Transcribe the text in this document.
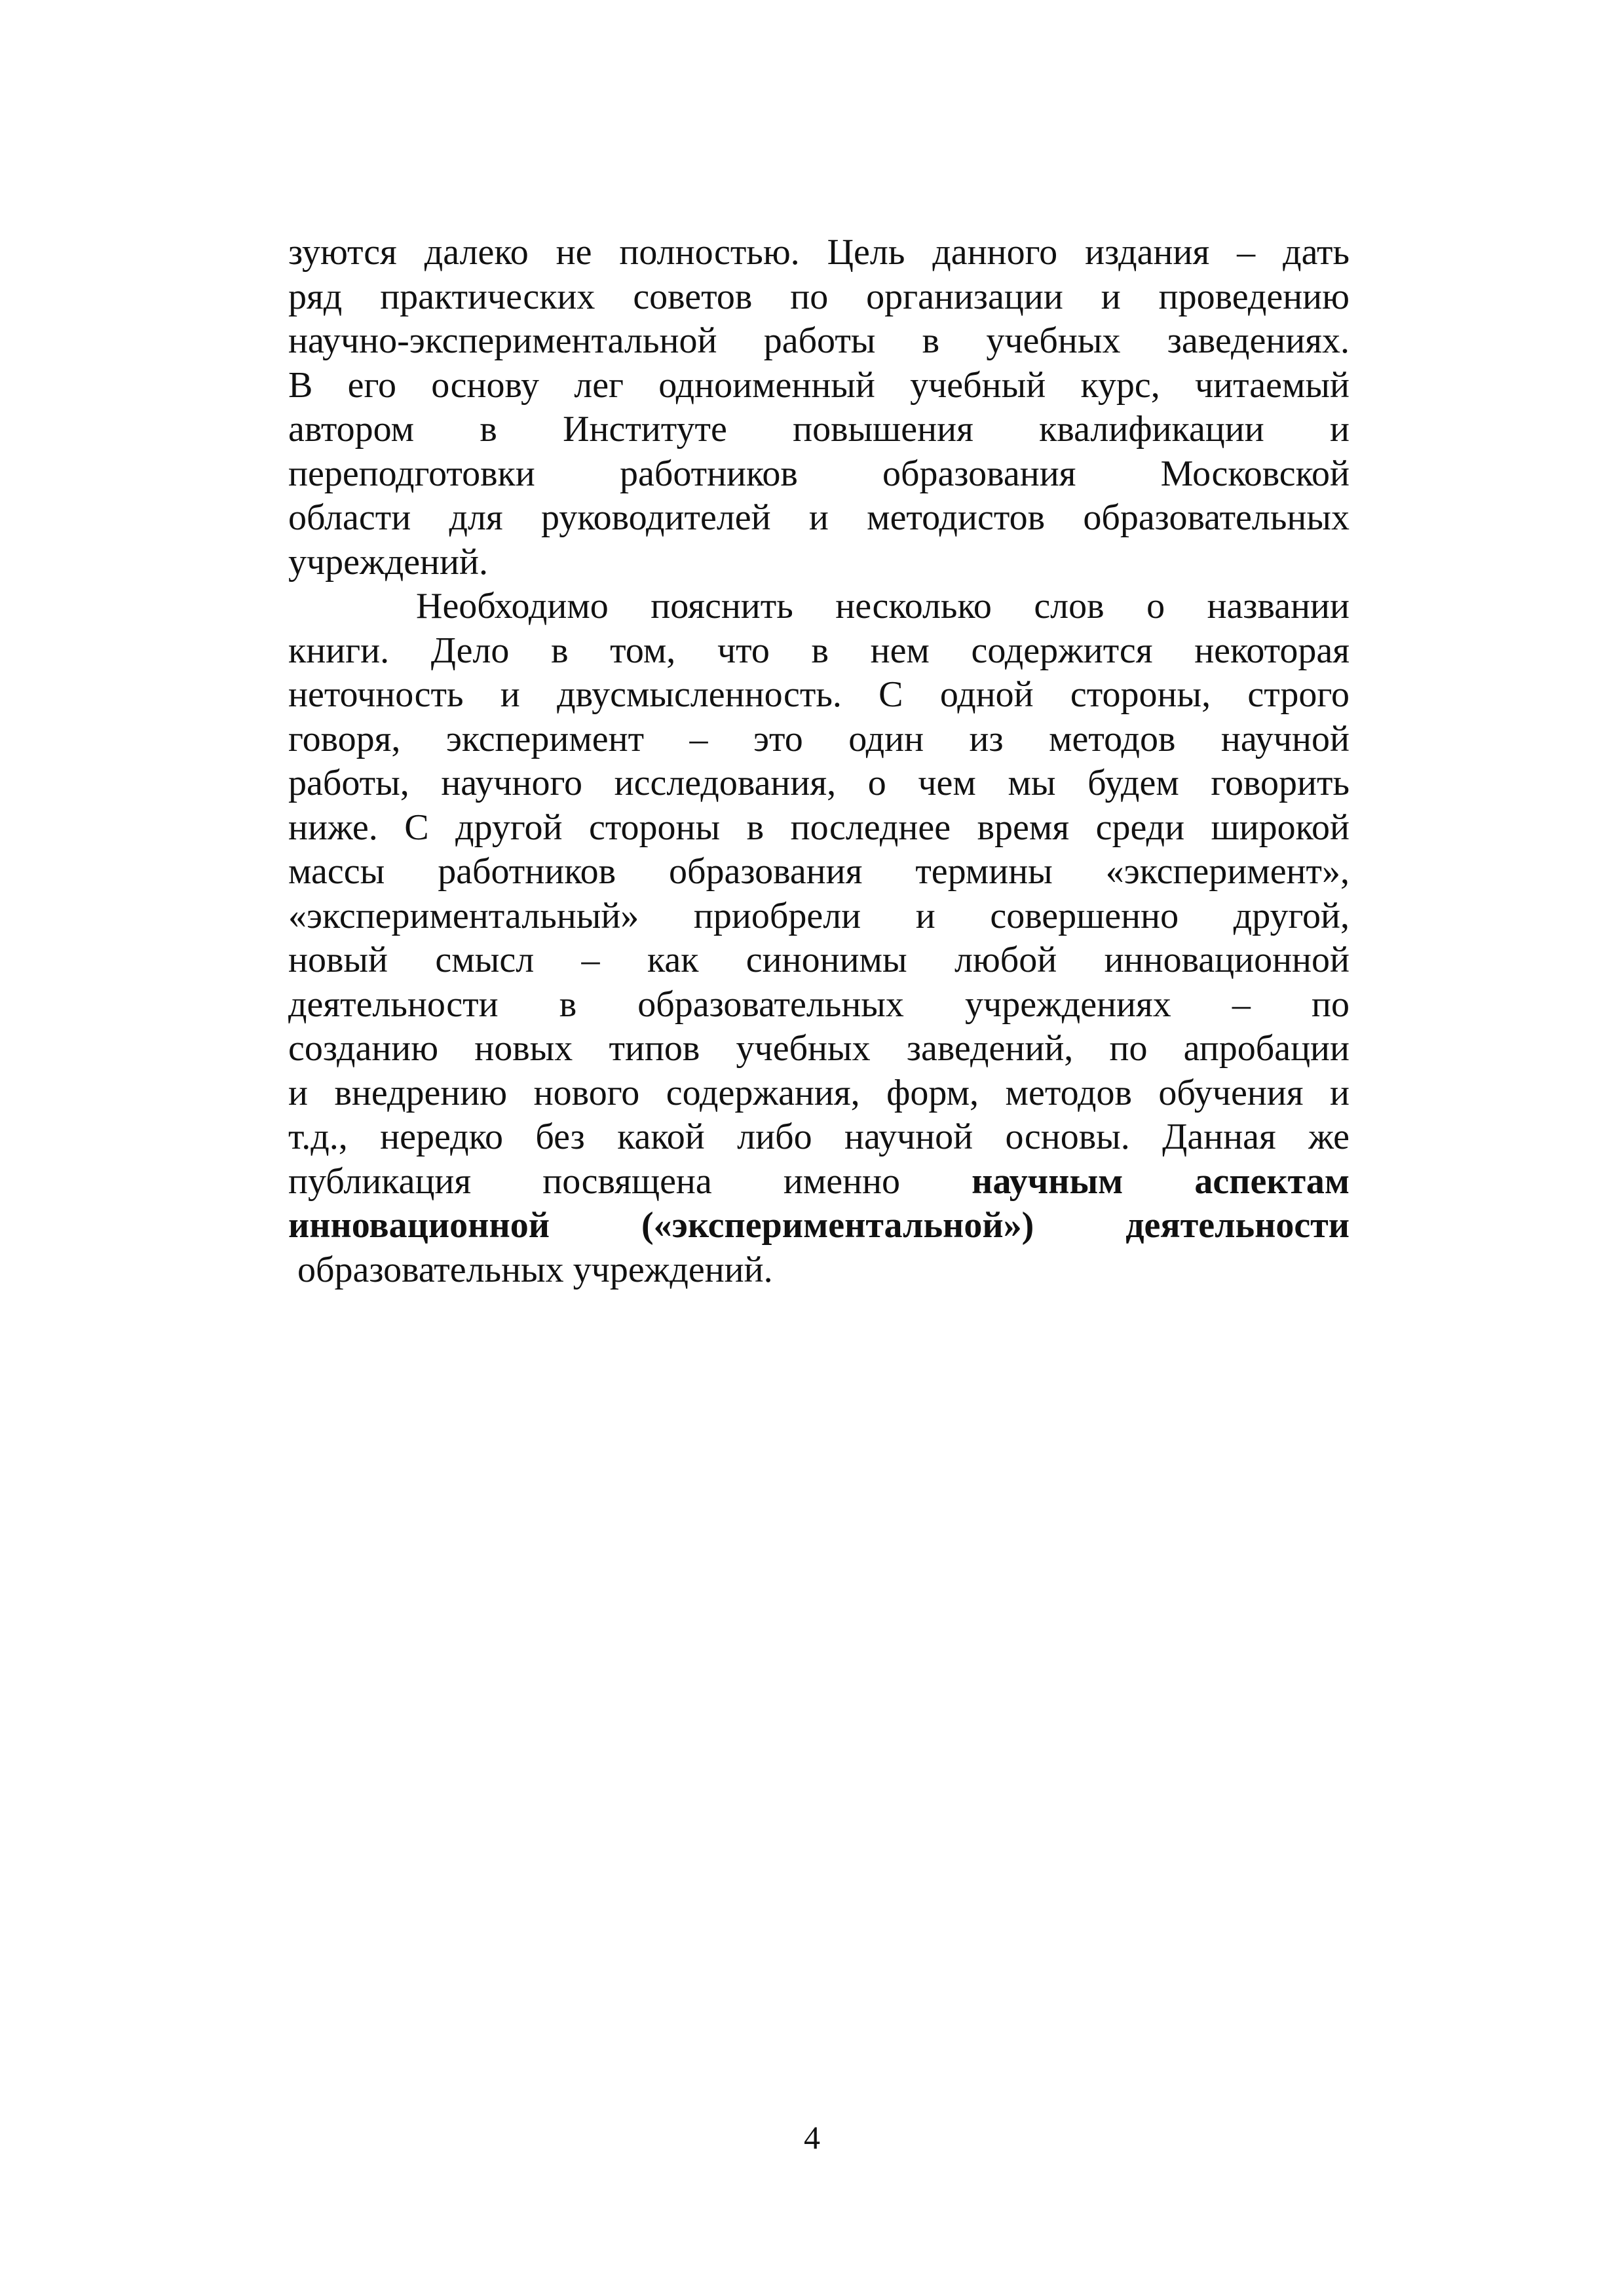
зуются далеко не полностью. Цель данного издания – дать
ряд практических советов по организации и проведению
научно-экспериментальной работы в учебных заведениях.
В его основу лег одноименный учебный курс, читаемый
автором в Институте повышения квалификации и
переподготовки работников образования Московской
области для руководителей и методистов образовательных
учреждений.
Необходимо пояснить несколько слов о названии
книги. Дело в том, что в нем содержится некоторая
неточность и двусмысленность. С одной стороны, строго
говоря, эксперимент – это один из методов научной
работы, научного исследования, о чем мы будем говорить
ниже. С другой стороны в последнее время среди широкой
массы работников образования термины «эксперимент»,
«экспериментальный» приобрели и совершенно другой,
новый смысл – как синонимы любой инновационной
деятельности в образовательных учреждениях – по
созданию новых типов учебных заведений, по апробации
и внедрению нового содержания, форм, методов обучения и
т.д., нередко без какой либо научной основы. Данная же
публикация посвящена именно научным аспектам
инновационной («экспериментальной») деятельности
образовательных учреждений.
4
